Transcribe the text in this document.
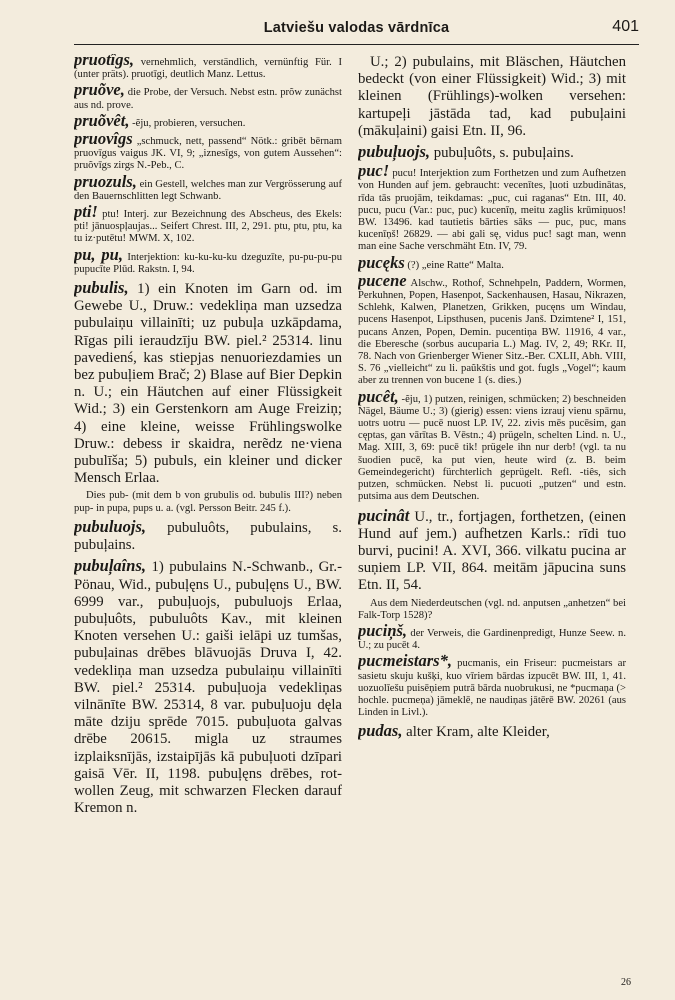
Latviešu valodas vārdnīca	401

pruotîgs, vernehmlich, verständlich, vernünftig Für. I (unter präts). pruotīgi, deutlich Manz. Lettus.

pruõve, die Probe, der Versuch. Nebst estn. prõw zunächst aus nd. prove.

pruõvêt, -ẽju, probieren, versuchen.

pruovîgs „schmuck, nett, passend“ Nötk.: gribēt bērnam pruovīgus vaigus JK. VI, 9; „iznesīgs, von gutem Aussehen“: pruõvīgs zirgs N.-Peb., C.

pruozuls, ein Gestell, welches man zur Vergrösserung auf den Bauernschlitten legt Schwanb.

pti! ptu! Interj. zur Bezeichnung des Abscheus, des Ekels: pti! jānuospļaujas... Seifert Chrest. III, 2, 291. ptu, ptu, ptu, ka tu iz·putētu! MWM. X, 102.

pu, pu, Interjektion: ku-ku-ku-ku dzeguzīte, pu-pu-pu-pu pupucīte Plūd. Rakstn. I, 94.

pubulis, 1) ein Knoten im Garn od. im Gewebe U., Druw.: vedekliņa man uzsedza pubulaiņu villainīti; uz pubuļa uzkāpdama, Rīgas pili ieraudzīju BW. piel.² 25314. linu pavedienś, kas stiepjas nenuoriezdamies un bez pubuļiem Brač; 2) Blase auf Bier Depkin n. U.; ein Häutchen auf einer Flüssigkeit Wid.; 3) ein Gerstenkorn am Auge Freiziņ; 4) eine kleine, weisse Frühlingswolke Druw.: debess ir skaidra, nerẽdz ne·viena pubulīša; 5) pubuls, ein kleiner und dicker Mensch Erlaa.

Dies pub- (mit dem b von grubulis od. bubulis III?) neben pup- in pupa, pups u. a. (vgl. Persson Beitr. 245 f.).

pubuluojs, pubuluôts, pubulains, s. pubuļains.

pubuļaîns, 1) pubulains N.-Schwanb., Gr.-Pönau, Wid., pubuļęns U., pubuļęns U., BW. 6999 var., pubuļuojs, pubuluojs Erlaa, pubuļuôts, pubuluôts Kav., mit kleinen Knoten versehen U.: gaiši ielāpi uz tumšas, pubuļainas drēbes blāvuojās Druva I, 42. vedekliņa man uzsedza pubulaiņu villainīti BW. piel.² 25314. pubuļuoja vedekliņas vilnānīte BW. 25314, 8 var. pubuļuoju dęla māte dziju sprēde 7015. pubuļuota galvas drēbe 20615. migla uz straumes izplaiksnīјās, izstaipījās kā pubuļuoti dzīpari gaisā Vēr. II, 1198. pubuļęns drēbes, rot-wollen Zeug, mit schwarzen Flecken darauf Kremon n.

U.; 2) pubulains, mit Bläschen, Häutchen bedeckt (von einer Flüssigkeit) Wid.; 3) mit kleinen (Frühlings)-wolken versehen: kartupeļi jāstāda tad, kad pubuļaini (mākuļaini) gaisi Etn. II, 96.

pubuļuojs, pubuļuôts, s. pubuļains.

puc! pucu! Interjektion zum Forthetzen und zum Aufhetzen von Hunden auf jem. gebraucht: vecenītes, ļuoti uzbudinātas, rīda tās pruojām, teikdamas: „puc, cui raganas“ Etn. III, 40. pucu, pucu (Var.: puc, puc) kucenīņ, meitu zaglis krūmiņuos! BW. 13496. kad tautietis bārties sāks — puc, puc, mans kucenīņš! 26829. — abi gali sę, vidus puc! sagt man, wenn man eine Sache verschmäht Etn. IV, 79.

pucęks (?) „eine Ratte“ Malta.

pucene Alschw., Rothof, Schnehpeln, Paddern, Wormen, Perkuhnen, Popen, Hasenpot, Sackenhausen, Hasau, Nikrazen, Schlehk, Kalwen, Planetzen, Grikken, pucęns um Windau, pucens Hasenpot, Lipsthusen, pucenis Janš. Dzimtene² I, 151, pucans Anzen, Popen, Demin. pucentiņa BW. 11916, 4 var., die Eberesche (sorbus aucuparia L.) Mag. IV, 2, 49; RKr. II, 78. Nach von Grienberger Wiener Sitz.-Ber. CXLII, Abh. VIII, S. 76 „vielleicht“ zu li. paũkštis und got. fugls „Vogel“; kaum aber zu trennen von bucene 1 (s. dies.)

pucêt, -ẽju, 1) putzen, reinigen, schmücken; 2) beschneiden Nägel, Bäume U.; 3) (gierig) essen: viens izrauj vienu spārnu, uotrs uotru — pucē nuost LP. IV, 22. zivis mēs pucēsim, gan cęptas, gan vārītas B. Vēstn.; 4) prügeln, schelten Lind. n. U., Mag. XIII, 3, 69: pucē tik! prügele ihn nur derb! (vgl. ta nu šuodien pucē, ka put vien, heute wird (z. B. beim Gemeindegericht) fürchterlich geprügelt. Refl. -tiês, sich putzen, schmücken. Nebst li. pucuoti „putzen“ und estn. putsima aus dem Deutschen.

pucinât U., tr., fortjagen, forthetzen, (einen Hund auf jem.) aufhetzen Karls.: rīdi tuo burvi, pucini! A. XVI, 366. vilkatu pucina ar suņiem LP. VII, 864. meitām jāpucina suns Etn. II, 54.

Aus dem Niederdeutschen (vgl. nd. anputsen „anhetzen“ bei Falk-Torp 1528)?

puciņš, der Verweis, die Gardinenpredigt, Hunze Seew. n. U.; zu pucēt 4.

pucmeistars*, pucmanis, ein Friseur: pucmeistars ar sasietu skuju kušķi, kuo vīriem bārdas izpucēt BW. III, 1, 41. uozuolīešu puisēņiem putrā bārda nuobrukusi, ne *pucmaņa (> hochle. pucmeņa) jāmeklē, ne naudiņas jātērē BW. 20261 (aus Linden in Livl.).

pudas, alter Kram, alte Kleider,

26
